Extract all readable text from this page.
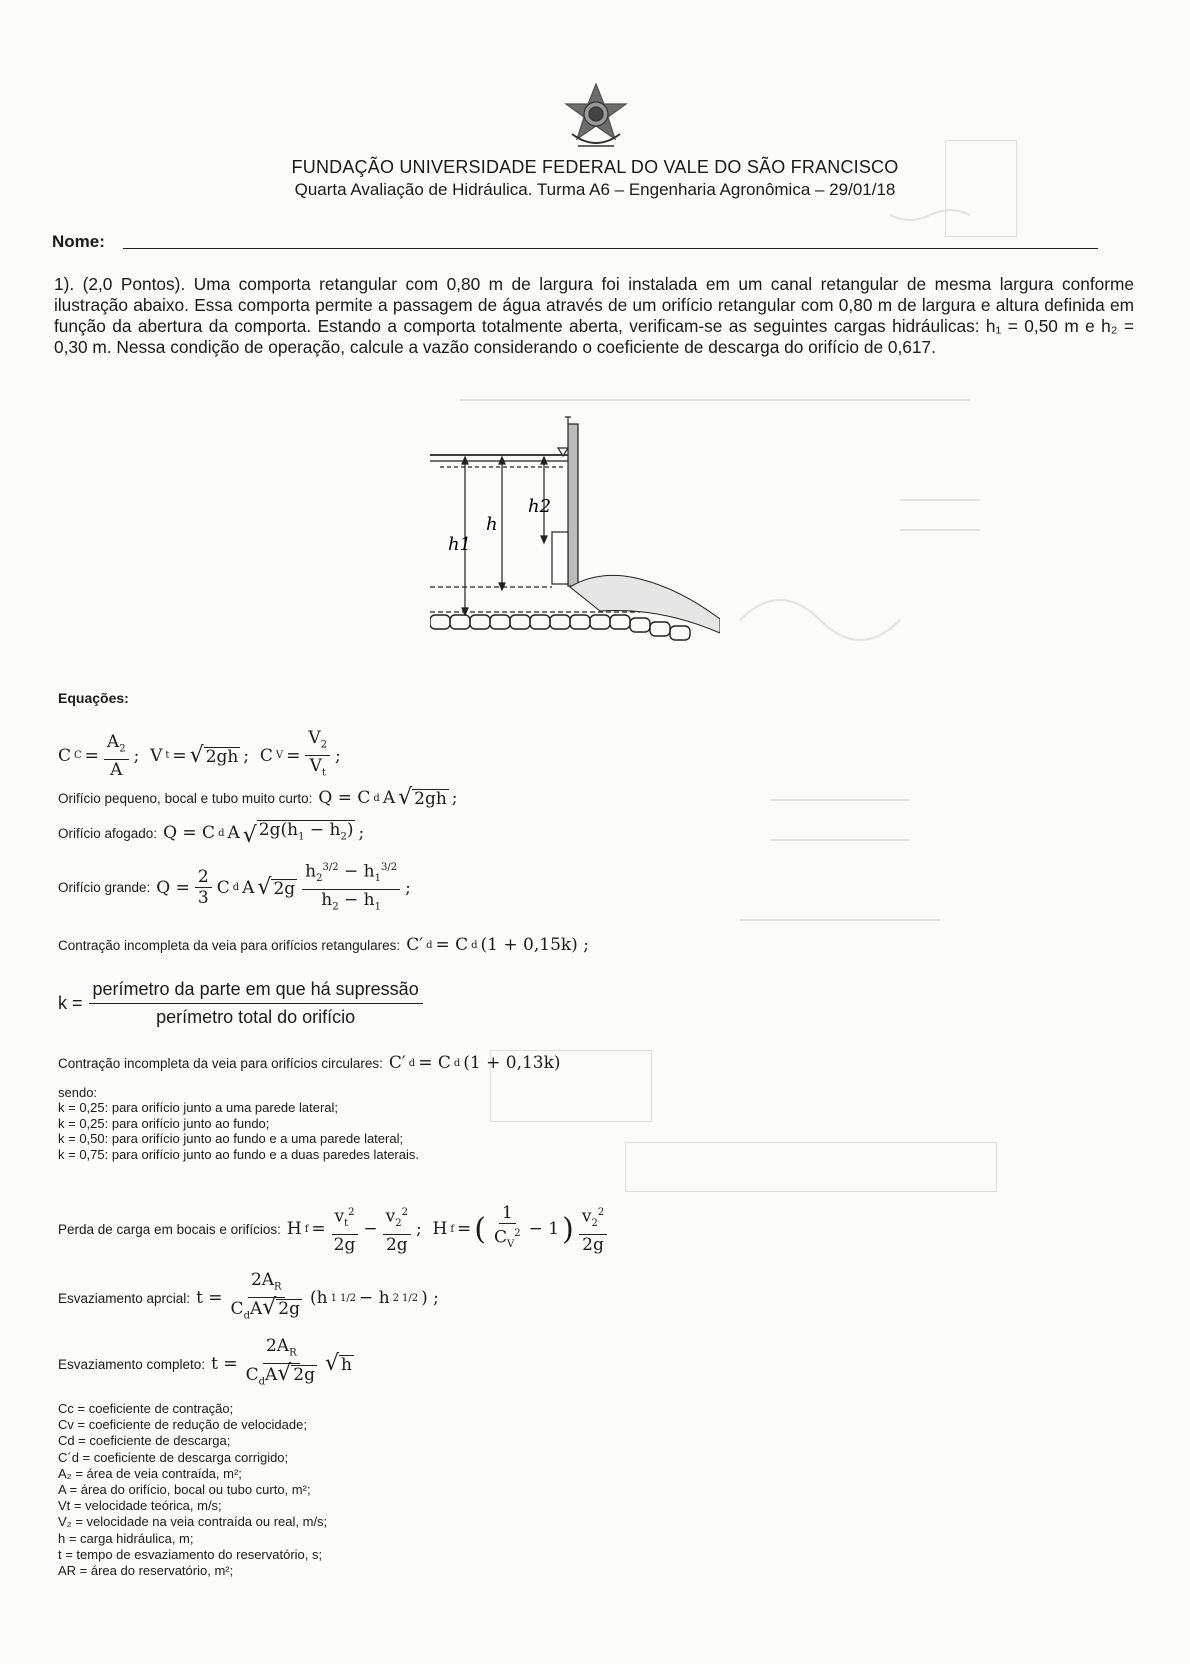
FUNDAÇÃO UNIVERSIDADE FEDERAL DO VALE DO SÃO FRANCISCO
Quarta Avaliação de Hidráulica. Turma A6 – Engenharia Agronômica – 29/01/18
Nome:
1). (2,0 Pontos). Uma comporta retangular com 0,80 m de largura foi instalada em um canal retangular de mesma largura conforme ilustração abaixo. Essa comporta permite a passagem de água através de um orifício retangular com 0,80 m de largura e altura definida em função da abertura da comporta. Estando a comporta totalmente aberta, verificam-se as seguintes cargas hidráulicas: h₁ = 0,50 m e h₂ = 0,30 m. Nessa condição de operação, calcule a vazão considerando o coeficiente de descarga do orifício de 0,617.
h1
h
h2
Equações:
C $C = \frac{A_2}{A}$ ;  V t = √ 2gh ;  C $V = \frac{V_2}{V_t}$ ;
Orifício pequeno, bocal e tubo muito curto: Q = C d A √ 2gh ;
Orifício afogado: Q = C d A √ $2g(h_1 - h_2)$ ;
Orifício grande: $Q = \frac{2}{3}$ C d A √ $2g \frac{h_2^{3/2} - h_1^{3/2}}{h_2 - h_1}$ ;
Contração incompleta da veia para orifícios retangulares: C′ d = C d (1 + 0,15k) ;
$k = \frac{\text{perímetro da parte em que há supressão}}{\text{perímetro total do orifício}}$
Contração incompleta da veia para orifícios circulares: C′ d = C d (1 + 0,13k)
sendo:
k = 0,25: para orifício junto a uma parede lateral;
k = 0,25: para orifício junto ao fundo;
k = 0,50: para orifício junto ao fundo e a uma parede lateral;
k = 0,75: para orifício junto ao fundo e a duas paredes laterais.
Perda de carga em bocais e orifícios: H $f = \frac{v_t^2}{2g} - \frac{v_2^2}{2g}$ ;  H f = ( $\frac{1}{C_V^2} - 1$ ) $\frac{v_2^2}{2g}$
Esvaziamento aprcial: $t = \frac{2A_R}{C_dA √ 2g} (h$ 1 1/2 − h 2 1/2 ) ;
Esvaziamento completo: $t = \frac{2A_R}{C_dA √ 2g}$ √ h
Cc = coeficiente de contração;
Cv = coeficiente de redução de velocidade;
Cd = coeficiente de descarga;
C´d = coeficiente de descarga corrigido;
A₂ = área de veia contraída, m²;
A = área do orifício, bocal ou tubo curto, m²;
Vt = velocidade teórica, m/s;
V₂ = velocidade na veia contraída ou real, m/s;
h = carga hidráulica, m;
t = tempo de esvaziamento do reservatório, s;
AR = área do reservatório, m²;
